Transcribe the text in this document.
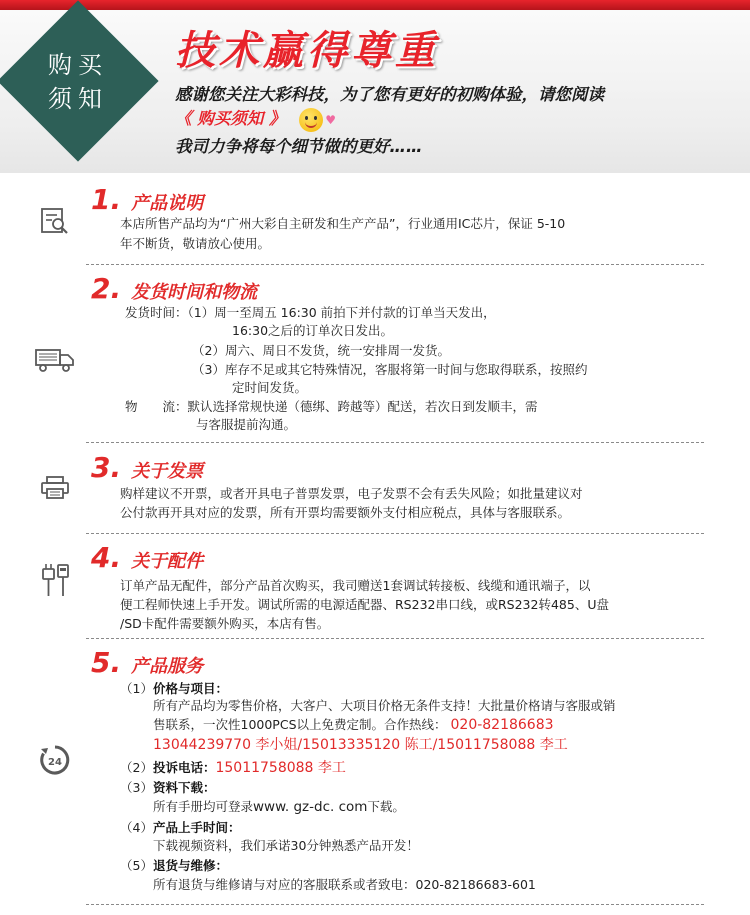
购买
须知
技术赢得尊重
感谢您关注大彩科技，为了您有更好的初购体验，请您阅读
《 购买须知 》	♥
我司力争将每个细节做的更好……
1. 产品说明
本店所售产品均为“广州大彩自主研发和生产产品”，行业通用IC芯片，保证 5-10
年不断货，敬请放心使用。
2. 发货时间和物流
发货时间：（1）周一至周五 16:30 前拍下并付款的订单当天发出，
16:30之后的订单次日发出。
（2）周六、周日不发货，统一安排周一发货。
（3）库存不足或其它特殊情况，客服将第一时间与您取得联系，按照约
定时间发货。
物　　流：默认选择常规快递（德绑、跨越等）配送，若次日到发顺丰，需
与客服提前沟通。
3. 关于发票
购样建议不开票，或者开具电子普票发票，电子发票不会有丢失风险；如批量建议对
公付款再开具对应的发票，所有开票均需要额外支付相应税点，具体与客服联系。
4. 关于配件
订单产品无配件，部分产品首次购买，我司赠送1套调试转接板、线缆和通讯端子，以
便工程师快速上手开发。调试所需的电源适配器、RS232串口线，或RS232转485、U盘
/SD卡配件需要额外购买，本店有售。
5. 产品服务
24
（1）价格与项目：
所有产品均为零售价格，大客户、大项目价格无条件支持！大批量价格请与客服或销
售联系，一次性1000PCS以上免费定制。合作热线： 020-82186683
13044239770 李小姐/15013335120 陈工/15011758088 李工
（2）投诉电话：15011758088 李工
（3）资料下载：
所有手册均可登录www. gz-dc. com下载。
（4）产品上手时间：
下载视频资料，我们承诺30分钟熟悉产品开发！
（5）退货与维修：
所有退货与维修请与对应的客服联系或者致电：020-82186683-601
